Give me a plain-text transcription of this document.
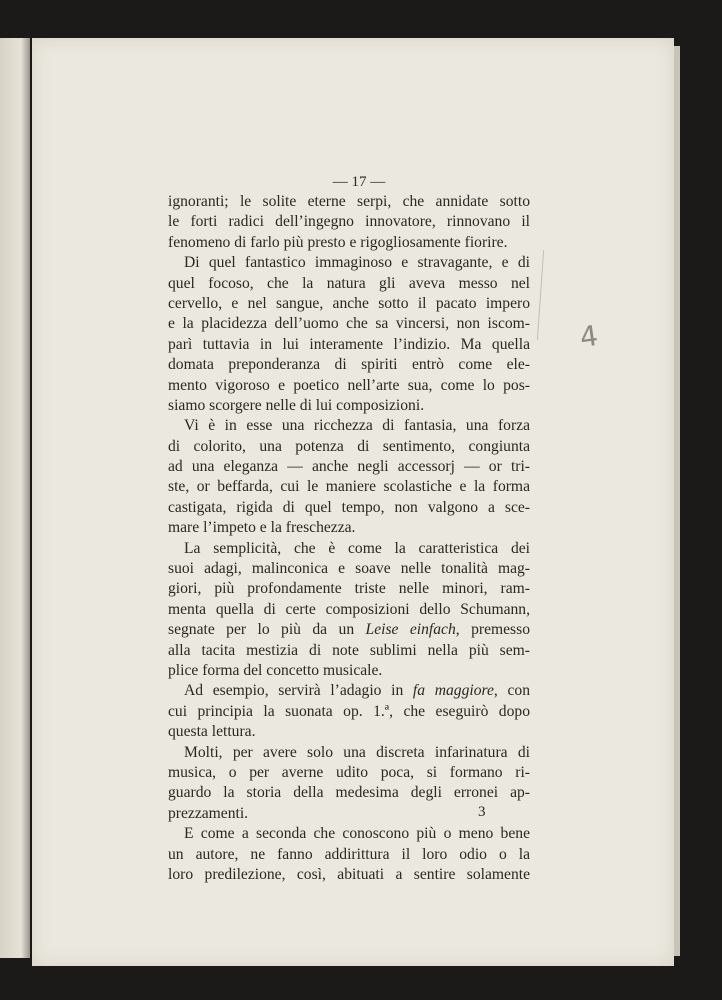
— 17 —
4
ignoranti; le solite eterne serpi, che annidate sotto
le forti radici dell’ingegno innovatore, rinnovano il
fenomeno di farlo più presto e rigogliosamente fiorire.
Di quel fantastico immaginoso e stravagante, e di
quel focoso, che la natura gli aveva messo nel
cervello, e nel sangue, anche sotto il pacato impero
e la placidezza dell’uomo che sa vincersi, non iscom-
parì tuttavia in lui interamente l’indizio. Ma quella
domata preponderanza di spiriti entrò come ele-
mento vigoroso e poetico nell’arte sua, come lo pos-
siamo scorgere nelle di lui composizioni.
Vi è in esse una ricchezza di fantasia, una forza
di colorito, una potenza di sentimento, congiunta
ad una eleganza — anche negli accessorj — or tri-
ste, or beffarda, cui le maniere scolastiche e la forma
castigata, rigida di quel tempo, non valgono a sce-
mare l’impeto e la freschezza.
La semplicità, che è come la caratteristica dei
suoi adagi, malinconica e soave nelle tonalità mag-
giori, più profondamente triste nelle minori, ram-
menta quella di certe composizioni dello Schumann,
segnate per lo più da un Leise einfach, premesso
alla tacita mestizia di note sublimi nella più sem-
plice forma del concetto musicale.
Ad esempio, servirà l’adagio in fa maggiore, con
cui principia la suonata op. 1.ª, che eseguirò dopo
questa lettura.
Molti, per avere solo una discreta infarinatura di
musica, o per averne udito poca, si formano ri-
guardo la storia della medesima degli erronei ap-
prezzamenti.
E come a seconda che conoscono più o meno bene
un autore, ne fanno addirittura il loro odio o la
loro predilezione, così, abituati a sentire solamente
3
